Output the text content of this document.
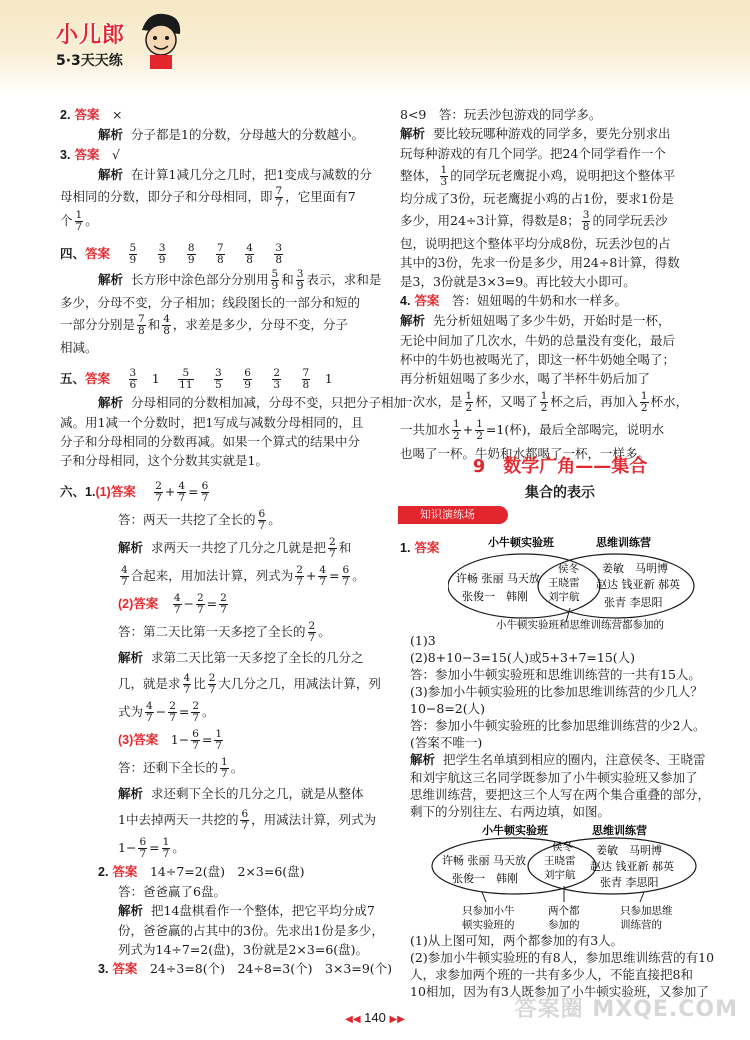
小儿郎
5·3天天练

2. 答案　 ×

解析 分子都是1的分数，分母越大的分数越小。

3. 答案　 √

解析 在计算1减几分之几时，把1变成与减数的分

母相同的分数，即分子和分母相同，即 $\frac{7}{7}$ ，它里面有7

个 $\frac{1}{7}$ 。

四、答案　 $\frac{5}{9}$
　 $\frac{3}{9}$
　 $\frac{8}{9}$
　 $\frac{7}{8}$
　 $\frac{4}{8}$
　 $\frac{3}{8}$

解析 长方形中涂色部分分别用 $\frac{5}{9}$ 和 $\frac{3}{9}$ 表示，求和是

多少，分母不变，分子相加；线段图长的一部分和短的

一部分分别是 $\frac{7}{8}$ 和 $\frac{4}{8}$ ，求差是多少，分母不变，分子

相减。

五、答案　 $\frac{3}{6}$
　 1　 $\frac{5}{11}$
　 $\frac{3}{5}$
　 $\frac{6}{9}$
　 $\frac{2}{3}$
　 $\frac{7}{8}$
　 1

解析 分母相同的分数相加减，分母不变，只把分子相加

减。用1减一个分数时，把1写成与减数分母相同的，且

分子和分母相同的分数再减。如果一个算式的结果中分

子和分母相同，这个分数其实就是1。

六、1.(1)答案　 $\frac{2}{7} + \frac{4}{7} = \frac{6}{7}$

答：两天一共挖了全长的 $\frac{6}{7}$ 。

解析 求两天一共挖了几分之几就是把 $\frac{2}{7}$ 和

$\frac{4}{7}$ 合起来，用加法计算，列式为 $\frac{2}{7} + \frac{4}{7} = \frac{6}{7}$ 。

(2)答案　 $\frac{4}{7} - \frac{2}{7} = \frac{2}{7}$

答：第二天比第一天多挖了全长的 $\frac{2}{7}$ 。

解析 求第二天比第一天多挖了全长的几分之

几，就是求 $\frac{4}{7}$ 比 $\frac{2}{7}$ 大几分之几，用减法计算，列

式为 $\frac{4}{7} - \frac{2}{7} = \frac{2}{7}$ 。

(3)答案　$1- \frac{6}{7} = \frac{1}{7}$

答：还剩下全长的 $\frac{1}{7}$ 。

解析 求还剩下全长的几分之几，就是从整体

1中去掉两天一共挖的 $\frac{6}{7}$ ，用减法计算，列式为

$1- \frac{6}{7} = \frac{1}{7}$ 。

2. 答案　 14÷7=2(盘)　2×3=6(盘)

答：爸爸赢了6盘。

解析 把14盘棋看作一个整体，把它平均分成7

份，爸爸赢的占其中的3份。先求出1份是多少，

列式为14÷7=2(盘)，3份就是2×3=6(盘)。

3. 答案　 24÷3=8(个)　24÷8=3(个)　3×3=9(个)

8<9　答：玩丢沙包游戏的同学多。

解析 要比较玩哪种游戏的同学多，要先分别求出

玩每种游戏的有几个同学。把24个同学看作一个

整体， $\frac{1}{3}$ 的同学玩老鹰捉小鸡，说明把这个整体平

均分成了3份，玩老鹰捉小鸡的占1份，要求1份是

多少，用24÷3计算，得数是8； $\frac{3}{8}$ 的同学玩丢沙

包，说明把这个整体平均分成8份，玩丢沙包的占

其中的3份，先求一份是多少，用24÷8计算，得数

是3，3份就是3×3=9。再比较大小即可。

4. 答案　 答：妞妞喝的牛奶和水一样多。

解析 先分析妞妞喝了多少牛奶，开始时是一杯，

无论中间加了几次水，牛奶的总量没有变化，最后

杯中的牛奶也被喝光了，即这一杯牛奶她全喝了；

再分析妞妞喝了多少水，喝了半杯牛奶后加了

一次水，是 $\frac{1}{2}$ 杯，又喝了 $\frac{1}{2}$ 杯之后，再加入 $\frac{1}{2}$ 杯水，

一共加水 $\frac{1}{2} + \frac{1}{2} =1$(杯)，最后全部喝完，说明水

也喝了一杯。牛奶和水都喝了一杯，一样多。

9　数学广角——集合
集合的表示
知识演练场
✦
1. 答案	小牛顿实验班	思维训练营
许畅 张丽 马天放
张俊一　韩刚
侯冬
王晓雷
刘宇航
姜敏　马明博
赵达 钱亚新 郝英
张青 李思阳
小牛顿实验班和思维训练营都参加的

(1)3

(2)8+10−3=15(人)或5+3+7=15(人)

答：参加小牛顿实验班和思维训练营的一共有15人。

(3)参加小牛顿实验班的比参加思维训练营的少几人？

10−8=2(人)

答：参加小牛顿实验班的比参加思维训练营的少2人。

(答案不唯一)

解析 把学生名单填到相应的圈内，注意侯冬、王晓雷

和刘宇航这三名同学既参加了小牛顿实验班又参加了

思维训练营，要把这三个人写在两个集合重叠的部分，

剩下的分别往左、右两边填，如图。

小牛顿实验班	思维训练营
许畅 张丽 马天放
张俊一　韩刚
侯冬
王晓雷
刘宇航
姜敏　马明博
赵达 钱亚新 郝英
张青 李思阳
只参加小牛
顿实验班的
两个都
参加的
只参加思维
训练营的

(1)从上图可知，两个都参加的有3人。

(2)参加小牛顿实验班的有8人，参加思维训练营的有10

人，求参加两个班的一共有多少人，不能直接把8和

10相加，因为有3人既参加了小牛顿实验班，又参加了

◀◀ 140 ▶▶	答案圈 MXQE.COM
